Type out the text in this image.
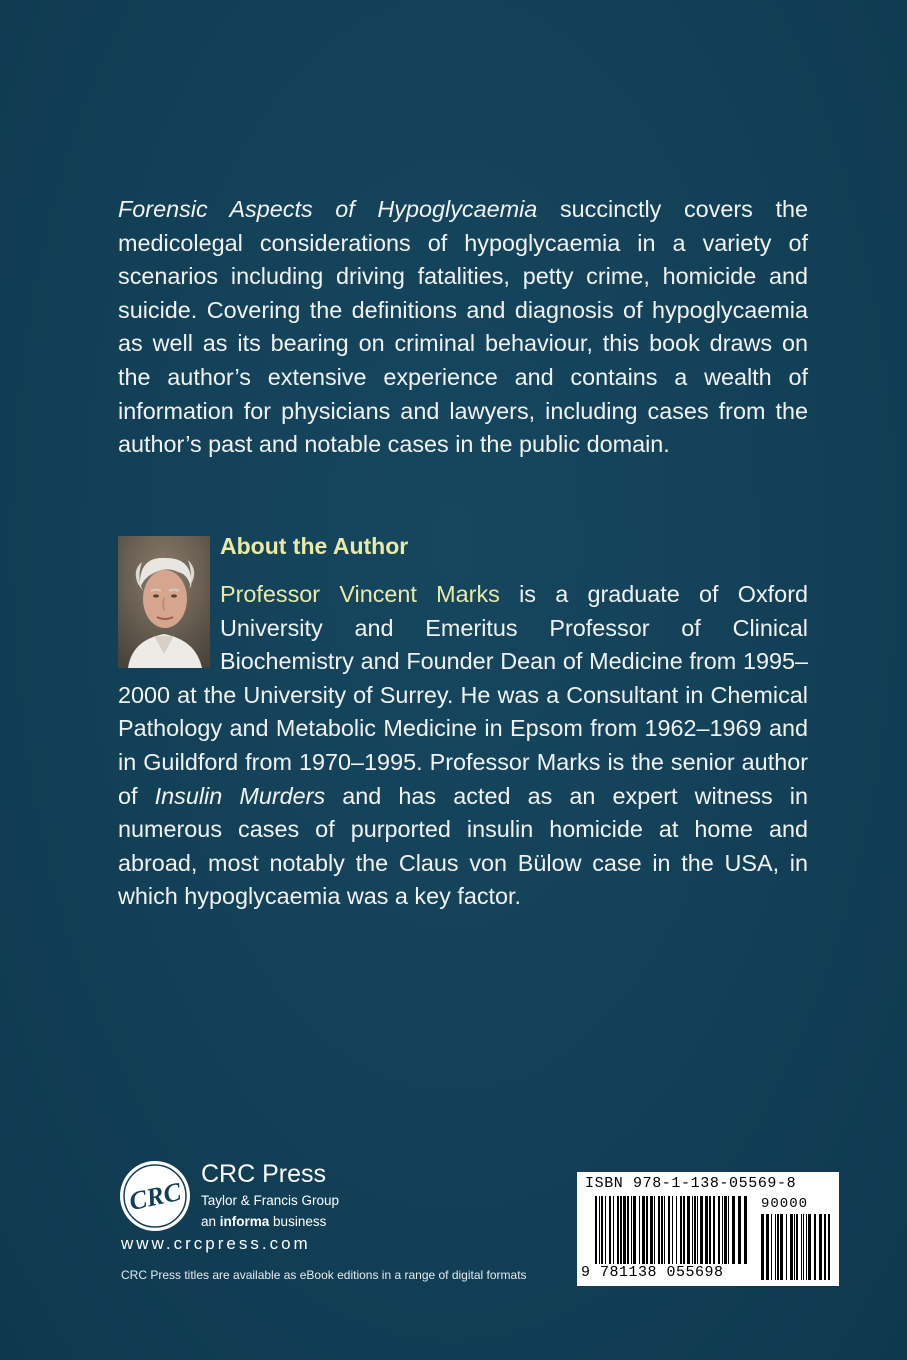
Forensic Aspects of Hypoglycaemia succinctly covers the medicolegal considerations of hypoglycaemia in a variety of scenarios including driving fatalities, petty crime, homicide and suicide. Covering the definitions and diagnosis of hypoglycaemia as well as its bearing on criminal behaviour, this book draws on the author’s extensive experience and contains a wealth of information for physicians and lawyers, including cases from the author’s past and notable cases in the public domain.

About the Author

Professor Vincent Marks is a graduate of Oxford University and Emeritus Professor of Clinical Biochemistry and Founder Dean of Medicine from 1995–2000 at the University of Surrey. He was a Consultant in Chemical Pathology and Metabolic Medicine in Epsom from 1962–1969 and in Guildford from 1970–1995. Professor Marks is the senior author of Insulin Murders and has acted as an expert witness in numerous cases of purported insulin homicide at home and abroad, most notably the Claus von Bülow case in the USA, in which hypoglycaemia was a key factor.

CRC
CRC Press
Taylor & Francis Group
an informa business
www.crcpress.com
CRC Press titles are available as eBook editions in a range of digital formats
ISBN 978-1-138-05569-8
90000
9 781138 055698
